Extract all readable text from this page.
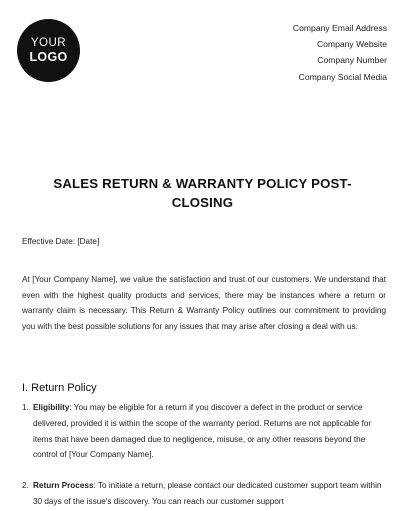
YOUR
LOGO
Company Email Address
Company Website
Company Number
Company Social Media
SALES RETURN & WARRANTY POLICY POST-
CLOSING
Effective Date: [Date]

At [Your Company Name], we value the satisfaction and trust of our customers. We understand that even with the highest quality products and services, there may be instances where a return or warranty claim is necessary. This Return & Warranty Policy outlines our commitment to providing you with the best possible solutions for any issues that may arise after closing a deal with us.

I. Return Policy
1. Eligibility: You may be eligible for a return if you discover a defect in the product or service delivered, provided it is within the scope of the warranty period. Returns are not applicable for items that have been damaged due to negligence, misuse, or any other reasons beyond the control of [Your Company Name].
2. Return Process: To initiate a return, please contact our dedicated customer support team within 30 days of the issue's discovery. You can reach our customer support
